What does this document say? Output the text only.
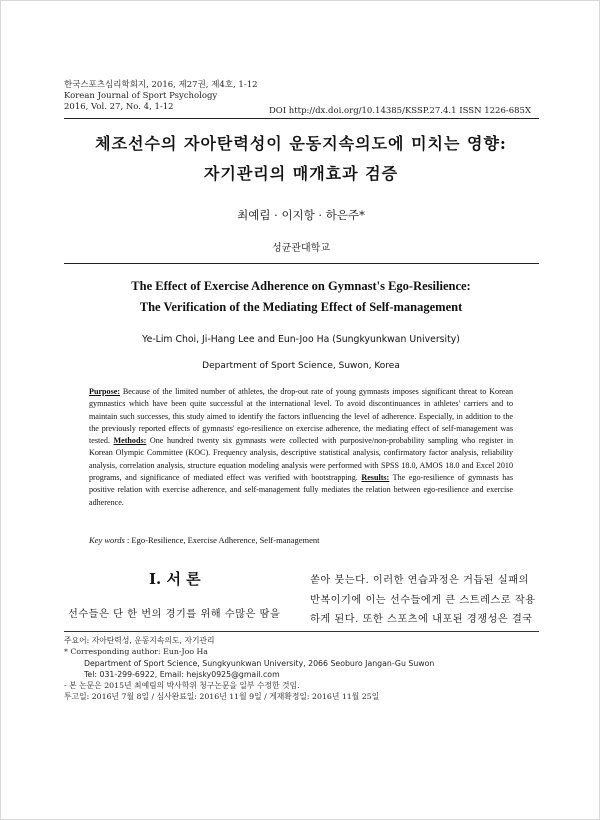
한국스포츠심리학회지, 2016, 제27권, 제4호, 1-12
Korean Journal of Sport Psychology
2016, Vol. 27, No. 4, 1-12	DOI http://dx.doi.org/10.14385/KSSP.27.4.1 ISSN 1226-685X
체조선수의 자아탄력성이 운동지속의도에 미치는 영향:
자기관리의 매개효과 검증
최예림 · 이지항 · 하은주*
성균관대학교
The Effect of Exercise Adherence on Gymnast's Ego-Resilience:
The Verification of the Mediating Effect of Self-management
Ye-Lim Choi, Ji-Hang Lee and Eun-Joo Ha (Sungkyunkwan University)
Department of Sport Science, Suwon, Korea
Purpose: Because of the limited number of athletes, the drop-out rate of young gymnasts imposes significant threat to Korean gymnastics which have been quite successful at the international level. To avoid discontinuances in athletes' carriers and to maintain such successes, this study aimed to identify the factors influencing the level of adherence. Especially, in addition to the the previously reported effects of gymnasts' ego-resilience on exercise adherence, the mediating effect of self-management was tested. Methods: One hundred twenty six gymnasts were collected with purposive/non-probability sampling who register in Korean Olympic Committee (KOC). Frequency analysis, descriptive statistical analysis, confirmatory factor analysis, reliability analysis, correlation analysis, structure equation modeling analysis were performed with SPSS 18.0, AMOS 18.0 and Excel 2010 programs, and significance of mediated effect was verified with bootstrapping. Results: The ego-resilience of gymnasts has positive relation with exercise adherence, and self-management fully mediates the relation between ego-resilience and exercise adherence.
Key words : Ego-Resilience, Exercise Adherence, Self-management
I. 서 론
선수들은 단 한 번의 경기를 위해 수많은 땀을
쏟아 붓는다. 이러한 연습과정은 거듭된 실패의
반복이기에 이는 선수들에게 큰 스트레스로 작용
하게 된다. 또한 스포츠에 내포된 경쟁성은 결국
주요어: 자아탄력성, 운동지속의도, 자기관리
* Corresponding author: Eun-Joo Ha
Department of Sport Science, Sungkyunkwan University, 2066 Seoburo Jangan-Gu Suwon
Tel: 031-299-6922, Email: hejsky0925@gmail.com
- 본 논문은 2015년 최예림의 박사학위 청구논문을 일부 수정한 것임.
투고일: 2016년 7월 8일 / 심사완료일: 2016년 11월 9일 / 게재확정일: 2016년 11월 25일
